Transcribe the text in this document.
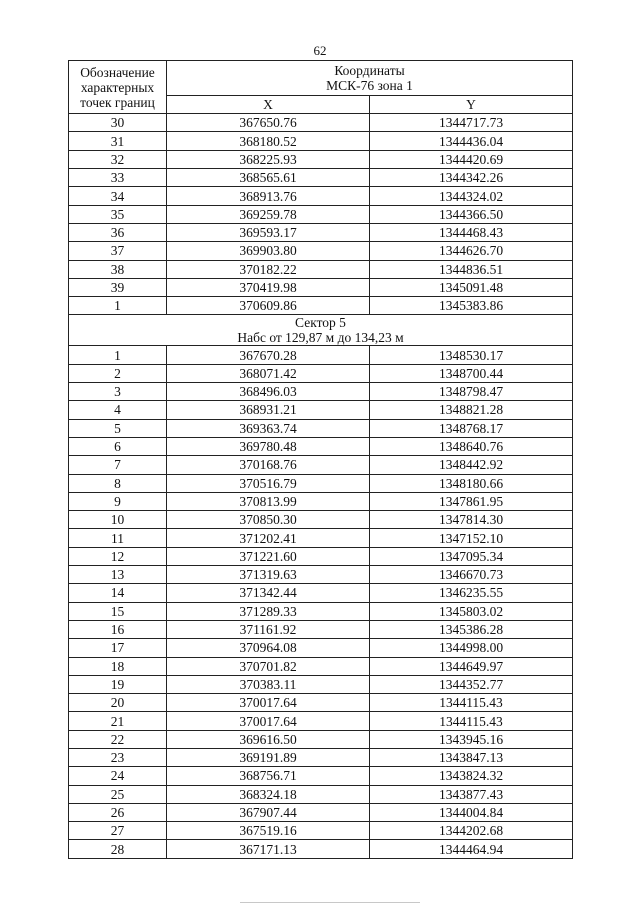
62
Обозначение
характерных
точек границ	Координаты
МСК-76 зона 1	

	X	Y
30	367650.76	1344717.73
31	368180.52	1344436.04
32	368225.93	1344420.69
33	368565.61	1344342.26
34	368913.76	1344324.02
35	369259.78	1344366.50
36	369593.17	1344468.43
37	369903.80	1344626.70
38	370182.22	1344836.51
39	370419.98	1345091.48
1	370609.86	1345383.86

Сектор 5
Набс от 129,87 м до 134,23 м		

1	367670.28	1348530.17
2	368071.42	1348700.44
3	368496.03	1348798.47
4	368931.21	1348821.28
5	369363.74	1348768.17
6	369780.48	1348640.76
7	370168.76	1348442.92
8	370516.79	1348180.66
9	370813.99	1347861.95
10	370850.30	1347814.30
11	371202.41	1347152.10
12	371221.60	1347095.34
13	371319.63	1346670.73
14	371342.44	1346235.55
15	371289.33	1345803.02
16	371161.92	1345386.28
17	370964.08	1344998.00
18	370701.82	1344649.97
19	370383.11	1344352.77
20	370017.64	1344115.43
21	370017.64	1344115.43
22	369616.50	1343945.16
23	369191.89	1343847.13
24	368756.71	1343824.32
25	368324.18	1343877.43
26	367907.44	1344004.84
27	367519.16	1344202.68
28	367171.13	1344464.94
